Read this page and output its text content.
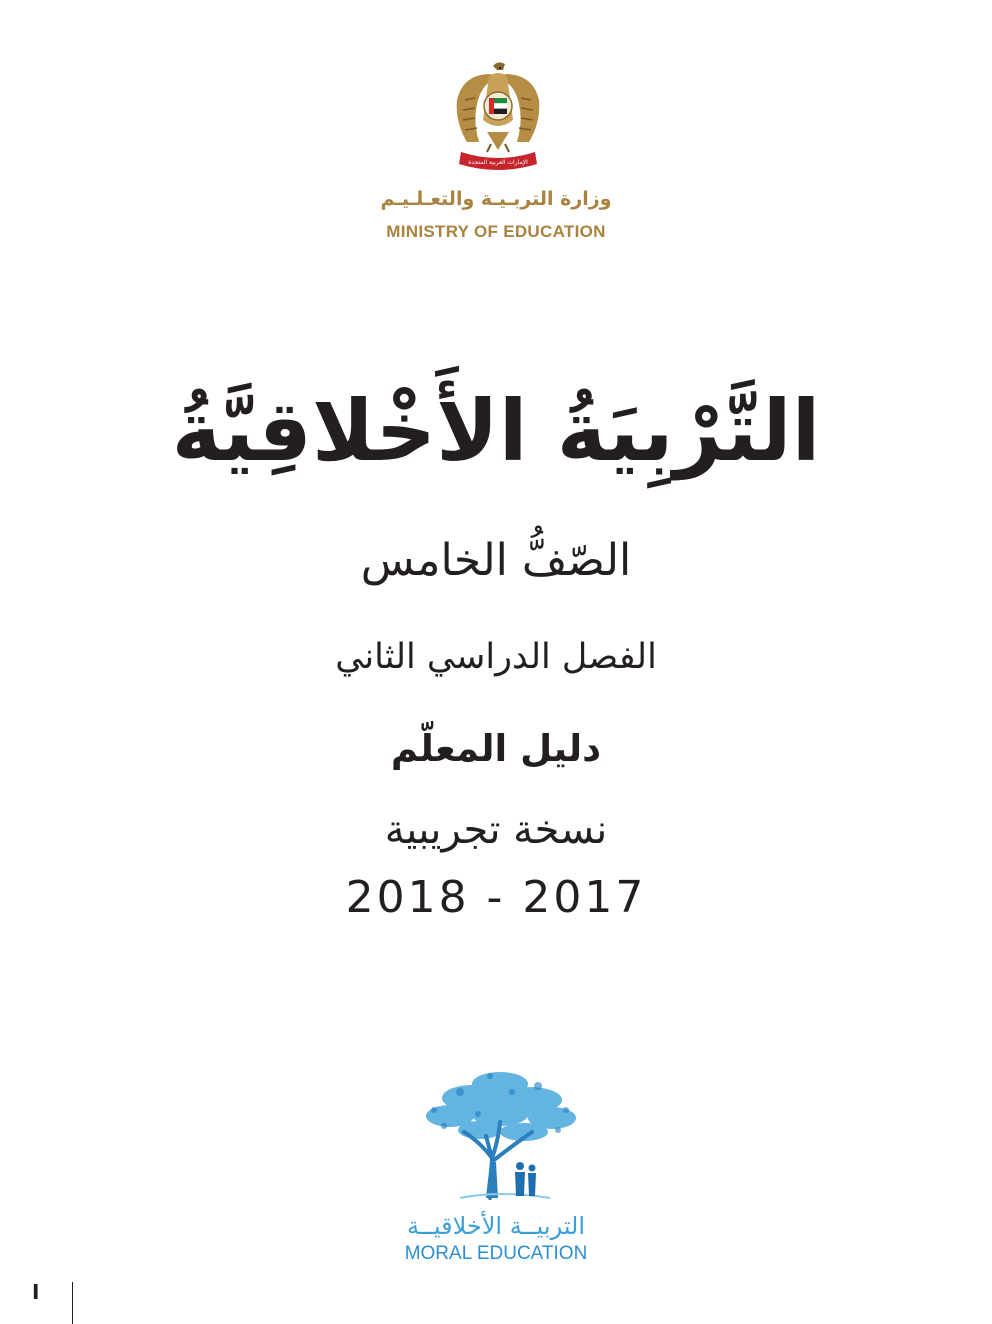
الإمارات العربية المتحدة
وزارة التربـيـة والتعـلـيـم
MINISTRY OF EDUCATION
التَّرْبِيَةُ الأَخْلاقِيَّةُ
الصّفُّ الخامس
الفصل الدراسي الثاني
دليل المعلّم
نسخة تجريبية
2018 - 2017
التربيــة الأخلاقيــة
MORAL EDUCATION
I
